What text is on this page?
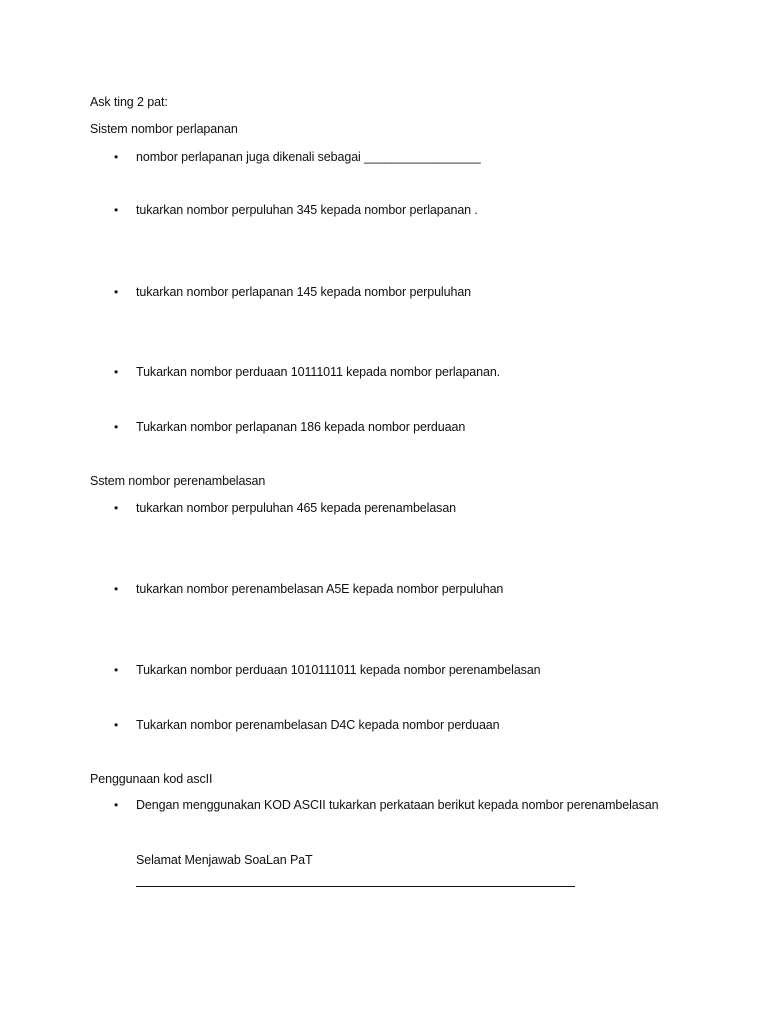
Ask ting 2 pat:
Sistem nombor perlapanan
• nombor perlapanan juga dikenali sebagai _________________
• tukarkan nombor perpuluhan 345 kepada nombor perlapanan .
• tukarkan nombor perlapanan 145 kepada nombor perpuluhan
• Tukarkan nombor perduaan 10111011 kepada nombor perlapanan.
• Tukarkan nombor perlapanan 186 kepada nombor perduaan
Sstem nombor perenambelasan
• tukarkan nombor perpuluhan 465 kepada perenambelasan
• tukarkan nombor perenambelasan A5E kepada nombor perpuluhan
• Tukarkan nombor perduaan 1010111011 kepada nombor perenambelasan
• Tukarkan nombor perenambelasan D4C kepada nombor perduaan
Penggunaan kod ascII
• Dengan menggunakan KOD ASCII tukarkan perkataan berikut kepada nombor perenambelasan
Selamat Menjawab SoaLan PaT
